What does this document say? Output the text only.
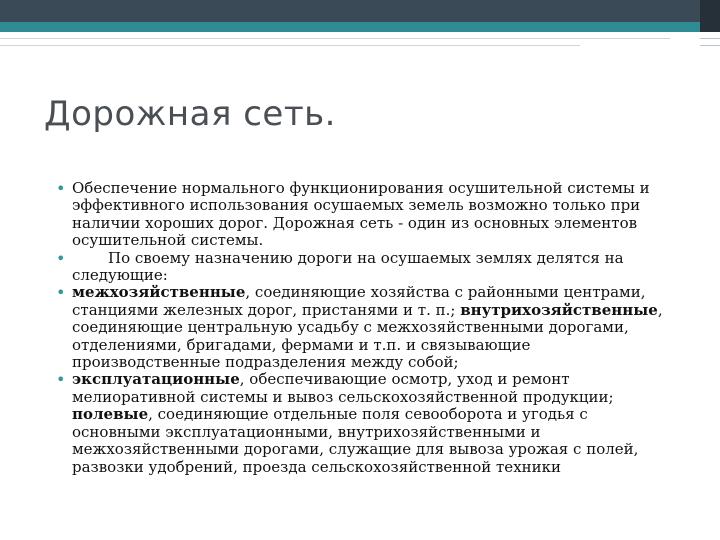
Дорожная сеть.
• Обеспечение нормального функционирования осушительной системы и эффективного использования осушаемых земель возможно только при наличии хороших дорог. Дорожная сеть - один из основных элементов осушительной системы.
•	По своему назначению дороги на осушаемых землях делятся на следующие:
• межхозяйственные, соединяющие хозяйства с районными центрами, станциями железных дорог, пристанями и т. п.; внутрихозяйственные, соединяющие центральную усадьбу с межхозяйственными дорогами, отделениями, бригадами, фермами и т.п. и связывающие производственные подразделения между собой;
• эксплуатационные, обеспечивающие осмотр, уход и ремонт мелиоративной системы и вывоз сельскохозяйственной продукции; полевые, соединяющие отдельные поля севооборота и угодья с основными эксплуатационными, внутрихозяйственными и межхозяйственными дорогами, служащие для вывоза урожая с полей, развозки удобрений, проезда сельскохозяйственной техники
